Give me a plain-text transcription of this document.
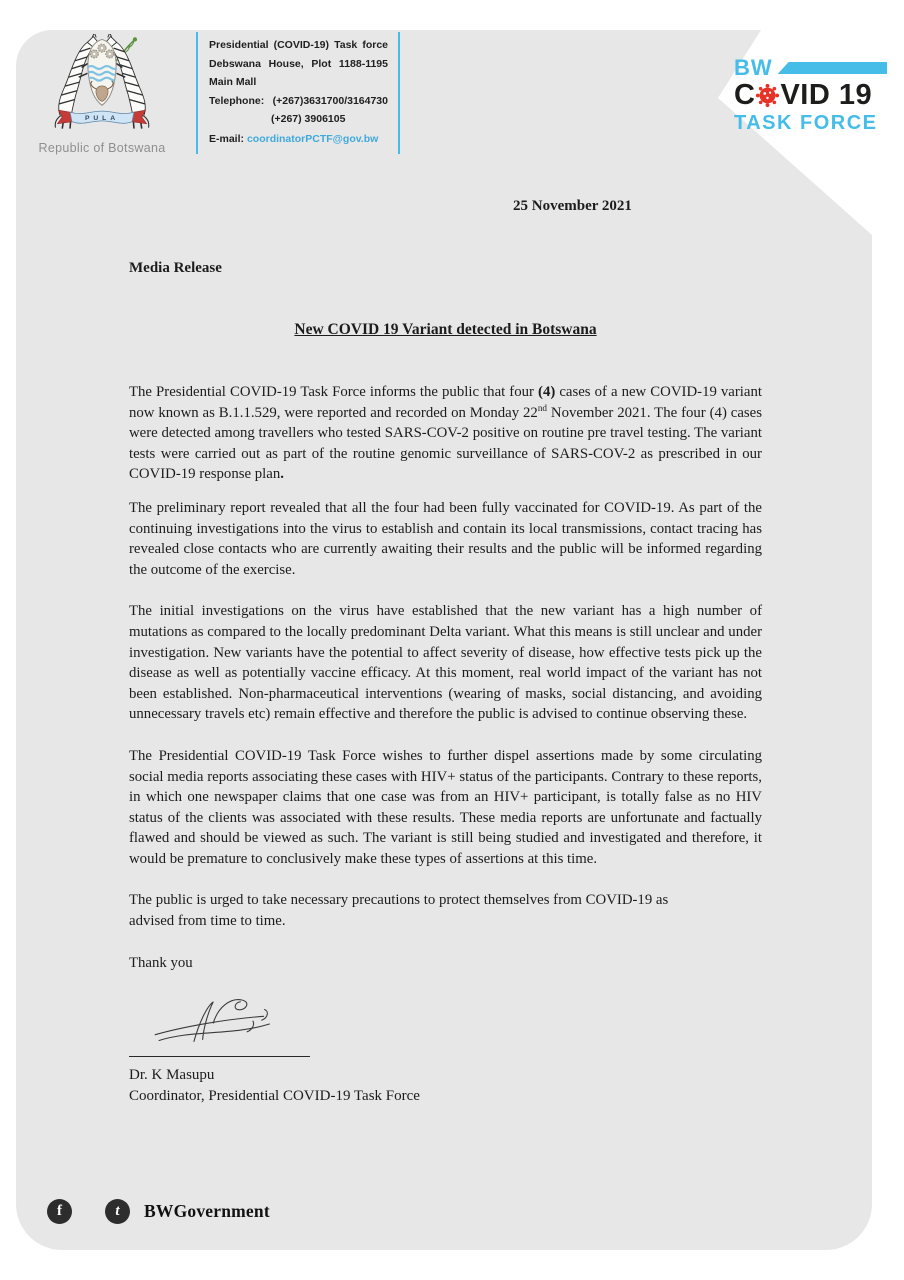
BW
C VID 19
TASK FORCE
PULA
Republic of Botswana
Presidential (COVID-19) Task force
Debswana House, Plot 1188-1195
Main Mall
Telephone: (+267)3631700/3164730
(+267) 3906105
E-mail: coordinatorPCTF@gov.bw
25 November 2021
Media Release
New COVID 19 Variant detected in Botswana

The Presidential COVID-19 Task Force informs the public that four (4) cases of a new COVID-19 variant now known as B.1.1.529, were reported and recorded on Monday 22nd November 2021. The four (4) cases were detected among travellers who tested SARS-COV-2 positive on routine pre travel testing. The variant tests were carried out as part of the routine genomic surveillance of SARS-COV-2 as prescribed in our COVID-19 response plan.

The preliminary report revealed that all the four had been fully vaccinated for COVID-19. As part of the continuing investigations into the virus to establish and contain its local transmissions, contact tracing has revealed close contacts who are currently awaiting their results and the public will be informed regarding the outcome of the exercise.

The initial investigations on the virus have established that the new variant has a high number of mutations as compared to the locally predominant Delta variant. What this means is still unclear and under investigation. New variants have the potential to affect severity of disease, how effective tests pick up the disease as well as potentially vaccine efficacy. At this moment, real world impact of the variant has not been established. Non-pharmaceutical interventions (wearing of masks, social distancing, and avoiding unnecessary travels etc) remain effective and therefore the public is advised to continue observing these.

The Presidential COVID-19 Task Force wishes to further dispel assertions made by some circulating social media reports associating these cases with HIV+ status of the participants. Contrary to these reports, in which one newspaper claims that one case was from an HIV+ participant, is totally false as no HIV status of the clients was associated with these results. These media reports are unfortunate and factually flawed and should be viewed as such. The variant is still being studied and investigated and therefore, it would be premature to conclusively make these types of assertions at this time.

The public is urged to take necessary precautions to protect themselves from COVID-19 as
advised from time to time.

Thank you
Dr. K Masupu
Coordinator, Presidential COVID-19 Task Force
f	t BWGovernment
